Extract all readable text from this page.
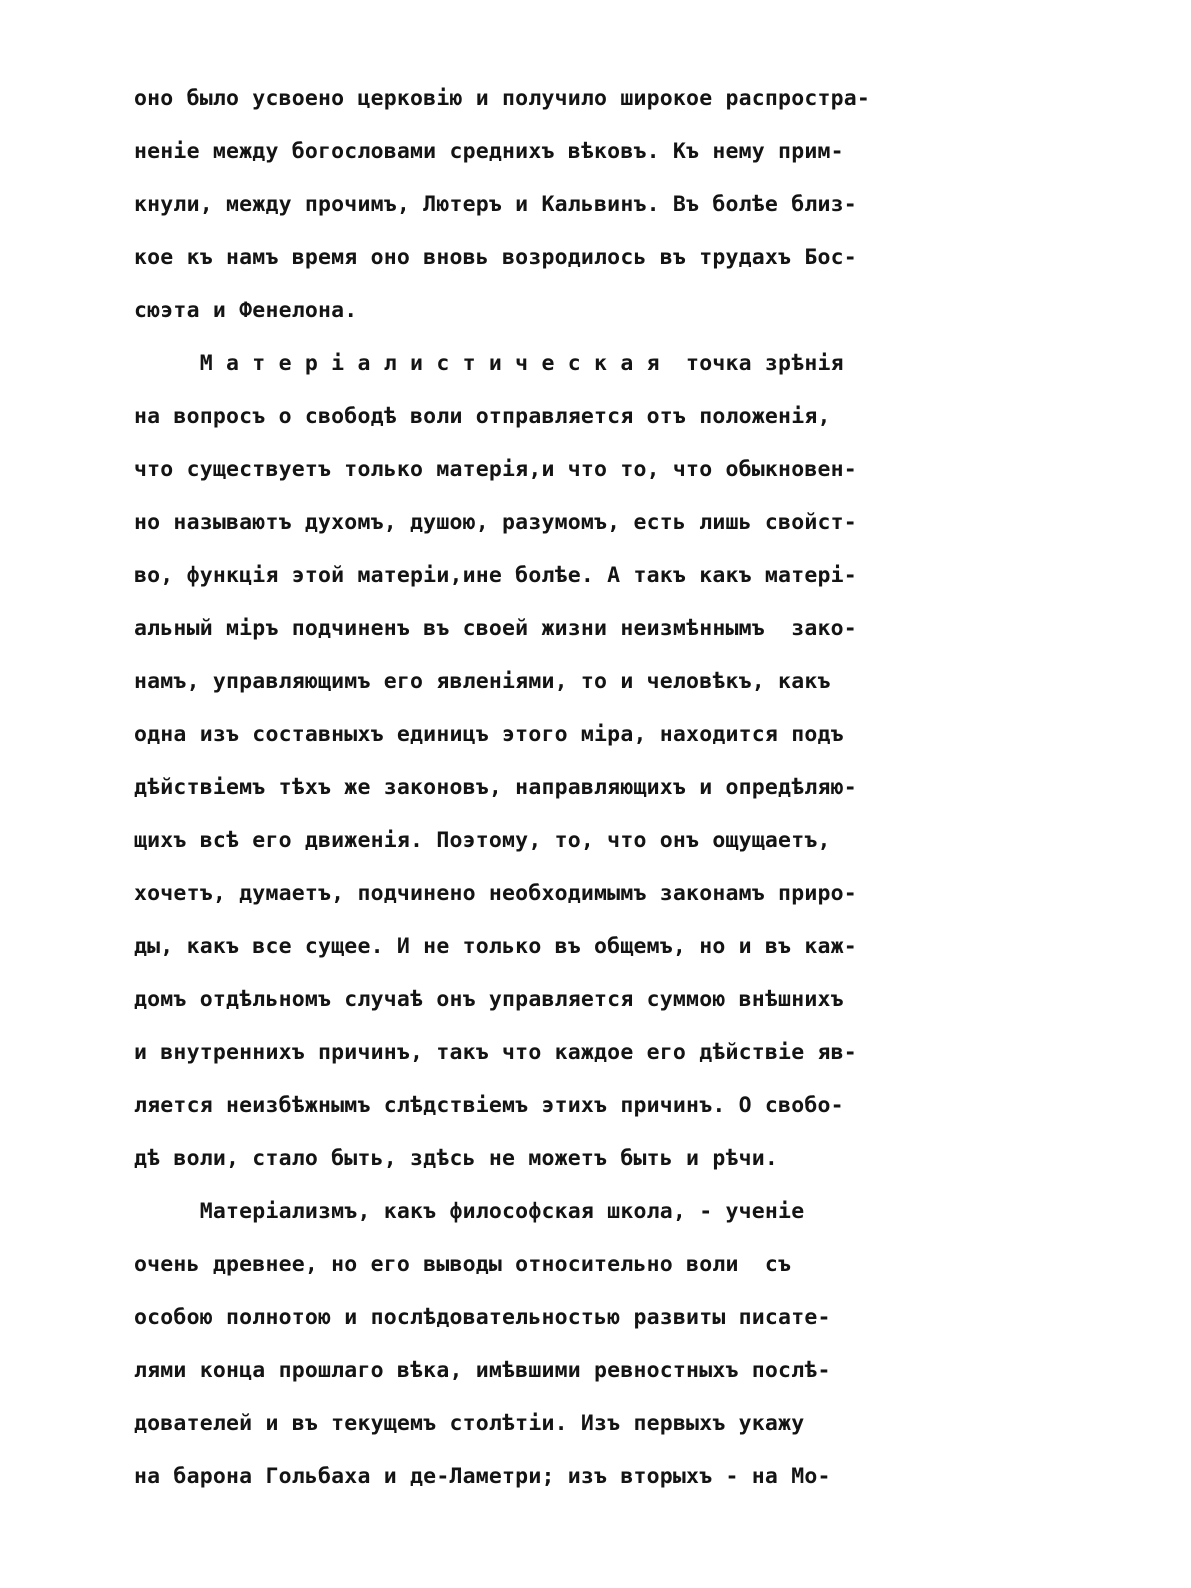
оно было усвоено церковію и получило широкое распростра-
неніе между богословами среднихъ вѣковъ. Къ нему прим-
кнули, между прочимъ, Лютеръ и Кальвинъ. Въ болѣе близ-
кое къ намъ время оно вновь возродилось въ трудахъ Бос-
сюэта и Фенелона.
М а т е р і а л и с т и ч е с к а я  точка зрѣнія
на вопросъ о свободѣ воли отправляется отъ положенія,
что существуетъ только матерія,и что то, что обыкновен-
но называютъ духомъ, душою, разумомъ, есть лишь свойст-
во, функція этой матеріи,ине болѣе. А такъ какъ матері-
альный міръ подчиненъ въ своей жизни неизмѣннымъ  зако-
намъ, управляющимъ его явленіями, то и человѣкъ, какъ
одна изъ составныхъ единицъ этого міра, находится подъ
дѣйствіемъ тѣхъ же законовъ, направляющихъ и опредѣляю-
щихъ всѣ его движенія. Поэтому, то, что онъ ощущаетъ,
хочетъ, думаетъ, подчинено необходимымъ законамъ приро-
ды, какъ все сущее. И не только въ общемъ, но и въ каж-
домъ отдѣльномъ случаѣ онъ управляется суммою внѣшнихъ
и внутреннихъ причинъ, такъ что каждое его дѣйствіе яв-
ляется неизбѣжнымъ слѣдствіемъ этихъ причинъ. О свобо-
дѣ воли, стало быть, здѣсь не можетъ быть и рѣчи.
Матеріализмъ, какъ философская школа, - ученіе
очень древнее, но его выводы относительно воли  съ
особою полнотою и послѣдовательностью развиты писате-
лями конца прошлаго вѣка, имѣвшими ревностныхъ послѣ-
дователей и въ текущемъ столѣтіи. Изъ первыхъ укажу
на барона Гольбаха и де-Ламетри; изъ вторыхъ - на Мо-
